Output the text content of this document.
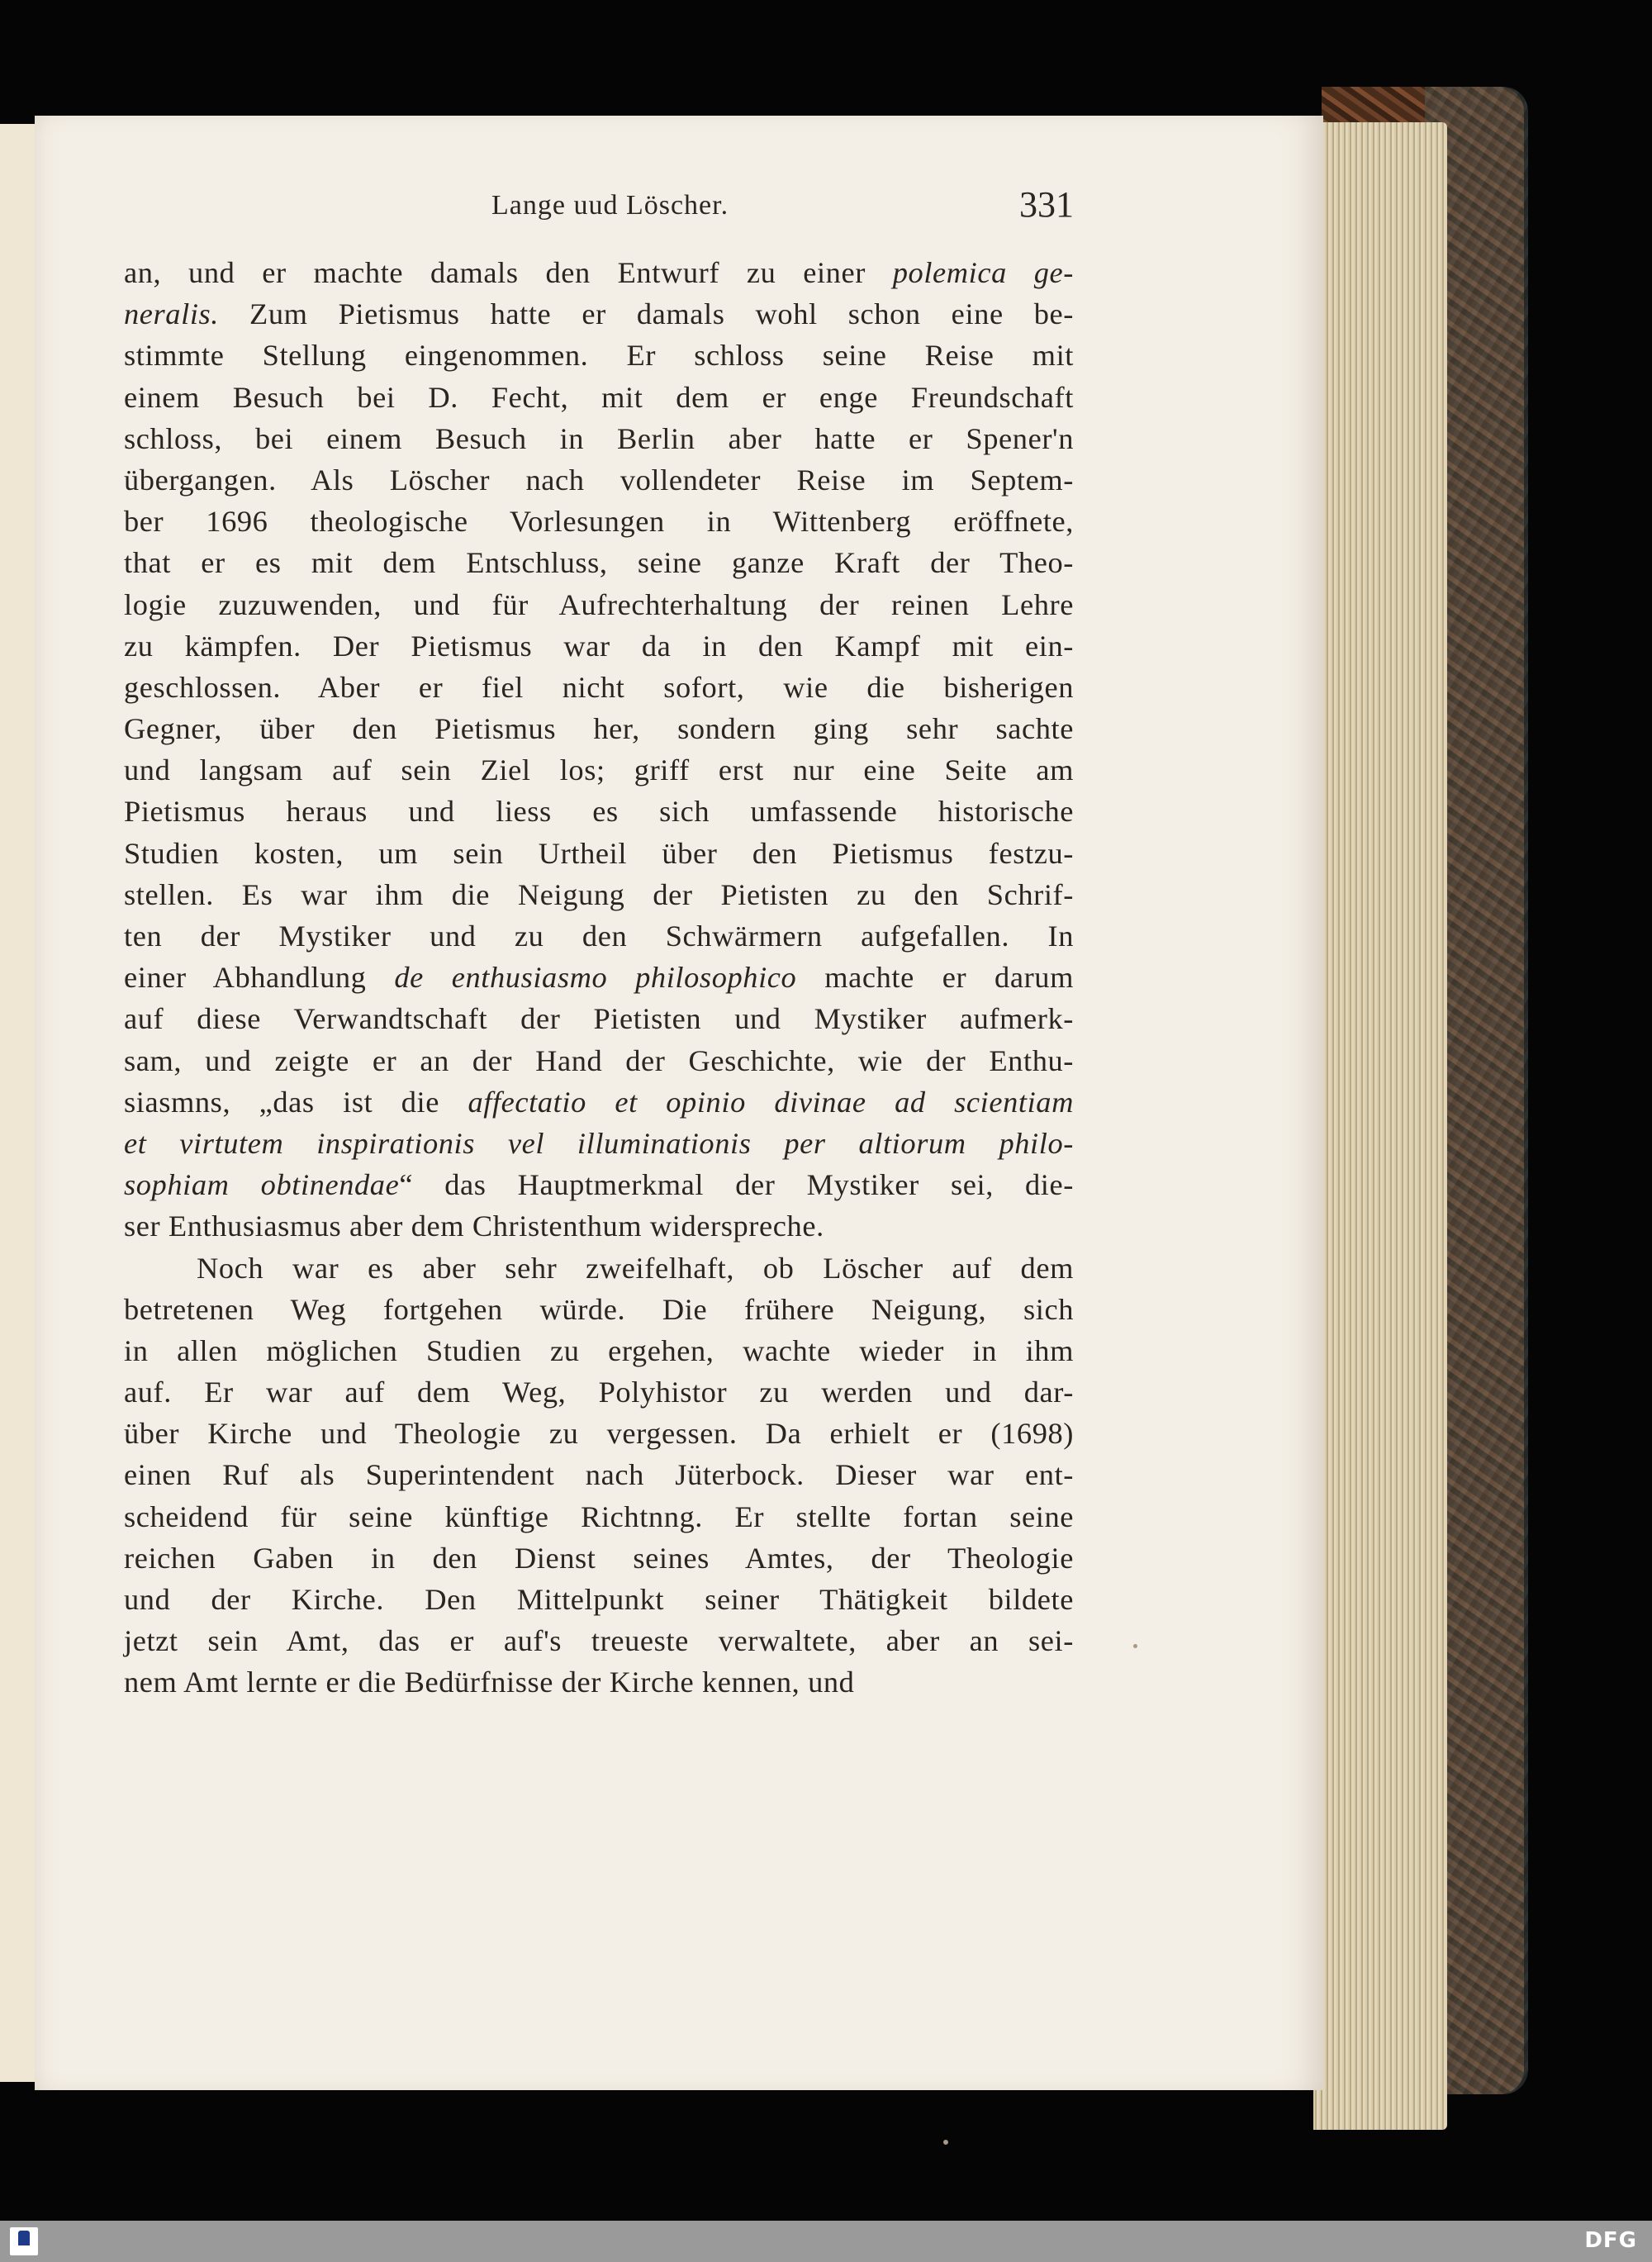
Lange uud Löscher.	331
an, und er machte damals den Entwurf zu einer polemica ge-
neralis. Zum Pietismus hatte er damals wohl schon eine be-
stimmte Stellung eingenommen. Er schloss seine Reise mit
einem Besuch bei D. Fecht, mit dem er enge Freundschaft
schloss, bei einem Besuch in Berlin aber hatte er Spener'n
übergangen. Als Löscher nach vollendeter Reise im Septem-
ber 1696 theologische Vorlesungen in Wittenberg eröffnete,
that er es mit dem Entschluss, seine ganze Kraft der Theo-
logie zuzuwenden, und für Aufrechterhaltung der reinen Lehre
zu kämpfen. Der Pietismus war da in den Kampf mit ein-
geschlossen. Aber er fiel nicht sofort, wie die bisherigen
Gegner, über den Pietismus her, sondern ging sehr sachte
und langsam auf sein Ziel los; griff erst nur eine Seite am
Pietismus heraus und liess es sich umfassende historische
Studien kosten, um sein Urtheil über den Pietismus festzu-
stellen. Es war ihm die Neigung der Pietisten zu den Schrif-
ten der Mystiker und zu den Schwärmern aufgefallen. In
einer Abhandlung de enthusiasmo philosophico machte er darum
auf diese Verwandtschaft der Pietisten und Mystiker aufmerk-
sam, und zeigte er an der Hand der Geschichte, wie der Enthu-
siasmns, „das ist die affectatio et opinio divinae ad scientiam
et virtutem inspirationis vel illuminationis per altiorum philo-
sophiam obtinendae“ das Hauptmerkmal der Mystiker sei, die-
ser Enthusiasmus aber dem Christenthum widerspreche.
Noch war es aber sehr zweifelhaft, ob Löscher auf dem
betretenen Weg fortgehen würde. Die frühere Neigung, sich
in allen möglichen Studien zu ergehen, wachte wieder in ihm
auf. Er war auf dem Weg, Polyhistor zu werden und dar-
über Kirche und Theologie zu vergessen. Da erhielt er (1698)
einen Ruf als Superintendent nach Jüterbock. Dieser war ent-
scheidend für seine künftige Richtnng. Er stellte fortan seine
reichen Gaben in den Dienst seines Amtes, der Theologie
und der Kirche. Den Mittelpunkt seiner Thätigkeit bildete
jetzt sein Amt, das er auf's treueste verwaltete, aber an sei-
nem Amt lernte er die Bedürfnisse der Kirche kennen, und
DFG
